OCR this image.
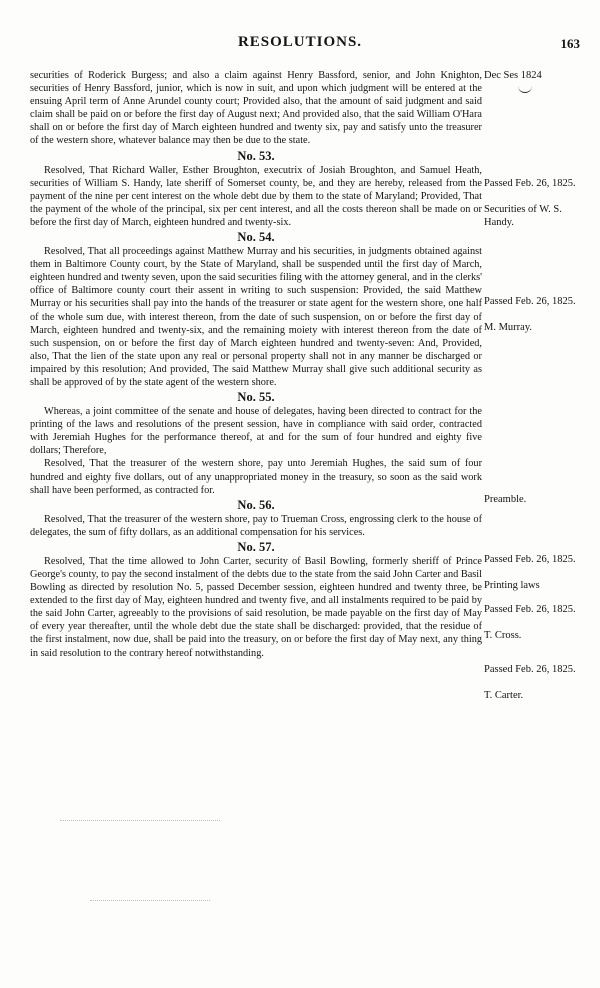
RESOLUTIONS.	163

securities of Roderick Burgess; and also a claim against Henry Bassford, senior, and John Knighton, securities of Henry Bassford, junior, which is now in suit, and upon which judgment will be entered at the ensuing April term of Anne Arundel county court; Provided also, that the amount of said judgment and said claim shall be paid on or before the first day of August next; And provided also, that the said William O'Hara shall on or before the first day of March eighteen hundred and twenty six, pay and satisfy unto the treasurer of the western shore, whatever balance may then be due to the state.

No. 53.

Resolved, That Richard Waller, Esther Broughton, executrix of Josiah Broughton, and Samuel Heath, securities of William S. Handy, late sheriff of Somerset county, be, and they are hereby, released from the payment of the nine per cent interest on the whole debt due by them to the state of Maryland; Provided, That the payment of the whole of the principal, six per cent interest, and all the costs thereon shall be made on or before the first day of March, eighteen hundred and twenty-six.

No. 54.

Resolved, That all proceedings against Matthew Murray and his securities, in judgments obtained against them in Baltimore County court, by the State of Maryland, shall be suspended until the first day of March, eighteen hundred and twenty seven, upon the said securities filing with the attorney general, and in the clerks' office of Baltimore county court their assent in writing to such suspension: Provided, the said Matthew Murray or his securities shall pay into the hands of the treasurer or state agent for the western shore, one half of the whole sum due, with interest thereon, from the date of such suspension, on or before the first day of March, eighteen hundred and twenty-six, and the remaining moiety with interest thereon from the date of such suspension, on or before the first day of March eighteen hundred and twenty-seven: And, Provided, also, That the lien of the state upon any real or personal property shall not in any manner be discharged or impaired by this resolution; And provided, The said Matthew Murray shall give such additional security as shall be approved of by the state agent of the western shore.

No. 55.

Whereas, a joint committee of the senate and house of delegates, having been directed to contract for the printing of the laws and resolutions of the present session, have in compliance with said order, contracted with Jeremiah Hughes for the performance thereof, at and for the sum of four hundred and eighty five dollars; Therefore,

Resolved, That the treasurer of the western shore, pay unto Jeremiah Hughes, the said sum of four hundred and eighty five dollars, out of any unappropriated money in the treasury, so soon as the said work shall have been performed, as contracted for.

No. 56.

Resolved, That the treasurer of the western shore, pay to Trueman Cross, engrossing clerk to the house of delegates, the sum of fifty dollars, as an additional compensation for his services.

No. 57.

Resolved, That the time allowed to John Carter, security of Basil Bowling, formerly sheriff of Prince George's county, to pay the second instalment of the debts due to the state from the said John Carter and Basil Bowling as directed by resolution No. 5, passed December session, eighteen hundred and twenty three, be extended to the first day of May, eighteen hundred and twenty five, and all instalments required to be paid by the said John Carter, agreeably to the provisions of said resolution, be made payable on the first day of May of every year thereafter, until the whole debt due the state shall be discharged: provided, that the residue of the first instalment, now due, shall be paid into the treasury, on or before the first day of May next, any thing in said resolution to the contrary hereof notwithstanding.

Dec Ses 1824
Passed Feb. 26, 1825.
Securities of W. S. Handy.
Passed Feb. 26, 1825.
M. Murray.
Preamble.
Passed Feb. 26, 1825.
Printing laws
Passed Feb. 26, 1825.
T. Cross.
Passed Feb. 26, 1825.
T. Carter.
